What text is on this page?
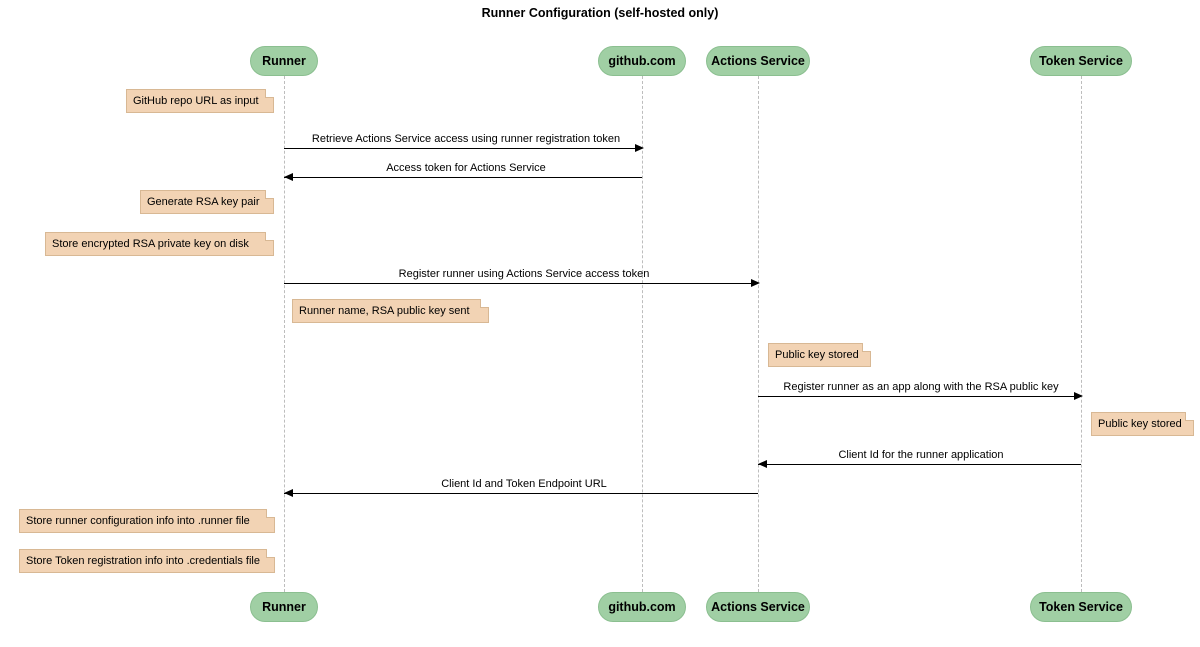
Runner Configuration (self-hosted only)
Runner	github.com	Actions Service	Token Service
Runner	github.com	Actions Service	Token Service
Retrieve Actions Service access using runner registration token
Access token for Actions Service
Register runner using Actions Service access token
Register runner as an app along with the RSA public key
Client Id for the runner application
Client Id and Token Endpoint URL
GitHub repo URL as input
Generate RSA key pair
Store encrypted RSA private key on disk
Runner name, RSA public key sent
Public key stored
Public key stored
Store runner configuration info into .runner file
Store Token registration info into .credentials file
